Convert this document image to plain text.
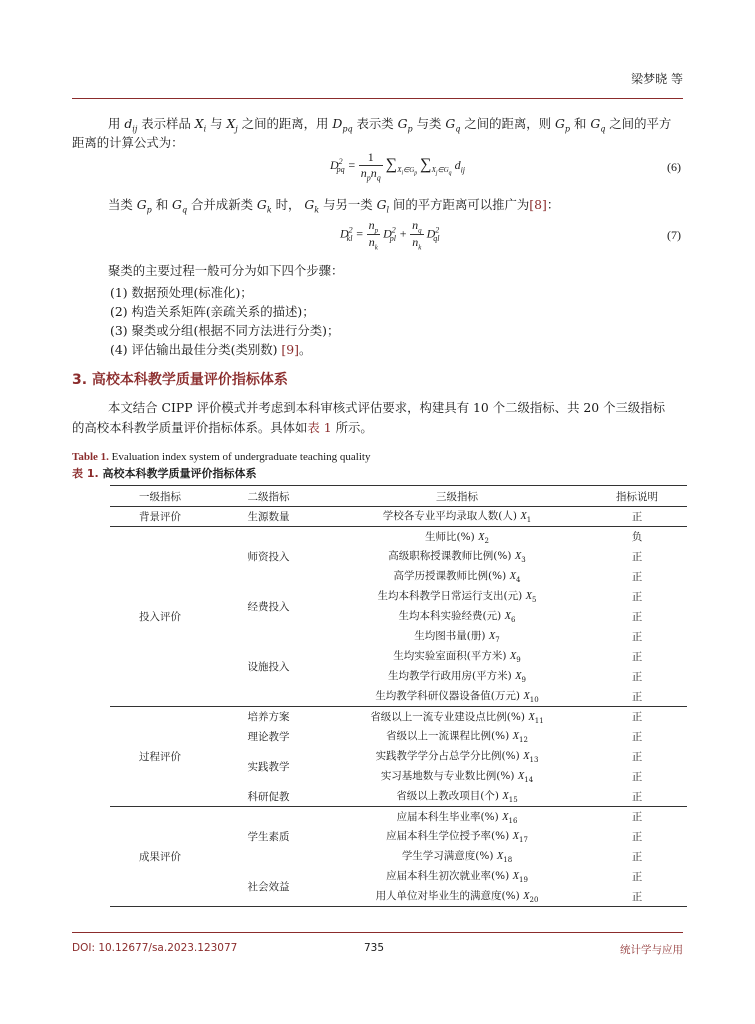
梁梦晓 等
用 $d_{ij}$ 表示样品 $X_i$ 与 $X_j$ 之间的距离，用 $D_{pq}$ 表示类 $G_p$ 与类 $G_q$ 之间的距离，则 $G_p$ 和 $G_q$ 之间的平方
距离的计算公式为：
$D^2_{pq} = \frac{1}{n_pn_q} \sum_{X_i\in G_p}$ $\sum_{X_j\in G_q}$ $d_{ij}$	(6)
当类 $G_p$ 和 $G_q$ 合并成新类 $G_k$ 时， $G_k$ 与另一类 $G_l$ 间的平方距离可以推广为[8]：
$D^2_{kl} = \frac{n_p}{n_k} D^2_{pl} + \frac{n_q}{n_k} D^2_{ql}$	(7)
聚类的主要过程一般可分为如下四个步骤：
(1) 数据预处理(标准化)；
(2) 构造关系矩阵(亲疏关系的描述)；
(3) 聚类或分组(根据不同方法进行分类)；
(4) 评估输出最佳分类(类别数) [9]。
3. 高校本科教学质量评价指标体系
本文结合 CIPP 评价模式并考虑到本科审核式评估要求，构建具有 10 个二级指标、共 20 个三级指标
的高校本科教学质量评价指标体系。具体如表 1 所示。
Table 1. Evaluation index system of undergraduate teaching quality
表 1. 高校本科教学质量评价指标体系
一级指标	二级指标	三级指标	指标说明
背景评价	生源数量	学校各专业平均录取人数(人) $X_1$	正
投入评价	师资投入	生师比(%) $X_2$	负
		高级职称授课教师比例(%) $X_3$	正
		高学历授课教师比例(%) $X_4$	正
	经费投入	生均本科教学日常运行支出(元) $X_5$	正
		生均本科实验经费(元) $X_6$	正
	设施投入	生均图书量(册) $X_7$	正
		生均实验室面积(平方米) $X_9$	正
		生均教学行政用房(平方米) $X_9$	正
		生均教学科研仪器设备值(万元) $X_{10}$	正
过程评价	培养方案	省级以上一流专业建设点比例(%) $X_{11}$	正
	理论教学	省级以上一流课程比例(%) $X_{12}$	正
	实践教学	实践教学学分占总学分比例(%) $X_{13}$	正
		实习基地数与专业数比例(%) $X_{14}$	正
	科研促教	省级以上教改项目(个) $X_{15}$	正
成果评价	学生素质	应届本科生毕业率(%) $X_{16}$	正
		应届本科生学位授予率(%) $X_{17}$	正
		学生学习满意度(%) $X_{18}$	正
	社会效益	应届本科生初次就业率(%) $X_{19}$	正
		用人单位对毕业生的满意度(%) $X_{20}$	正
DOI: 10.12677/sa.2023.123077	735	统计学与应用
